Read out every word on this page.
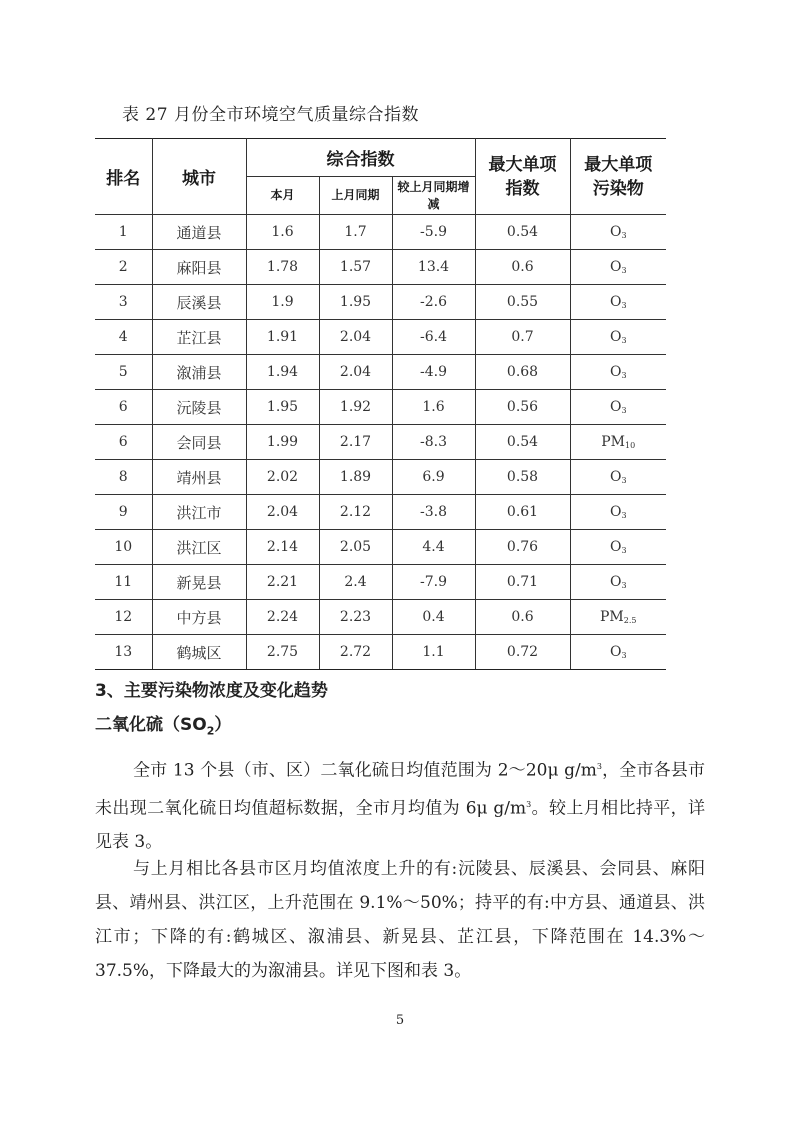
表 27 月份全市环境空气质量综合指数
排名	城市	综合指数			最大单项指数	最大单项污染物

		本月	上月同期	较上月同期增减		

1	通道县	1.6	1.7	-5.9	0.54	$O_3$
2	麻阳县	1.78	1.57	13.4	0.6	$O_3$
3	辰溪县	1.9	1.95	-2.6	0.55	$O_3$
4	芷江县	1.91	2.04	-6.4	0.7	$O_3$
5	溆浦县	1.94	2.04	-4.9	0.68	$O_3$
6	沅陵县	1.95	1.92	1.6	0.56	$O_3$
6	会同县	1.99	2.17	-8.3	0.54	$PM_{10}$
8	靖州县	2.02	1.89	6.9	0.58	$O_3$
9	洪江市	2.04	2.12	-3.8	0.61	$O_3$
10	洪江区	2.14	2.05	4.4	0.76	$O_3$
11	新晃县	2.21	2.4	-7.9	0.71	$O_3$
12	中方县	2.24	2.23	0.4	0.6	$PM_{2.5}$
13	鹤城区	2.75	2.72	1.1	0.72	$O_3$
3、主要污染物浓度及变化趋势
二氧化硫$(SO_2)$
全市 13 个县（市、区）二氧化硫日均值范围为 2～20μ $g/m^3$，全市各县市未出现二氧化硫日均值超标数据，全市月均值为 6μ $g/m^3$。较上月相比持平，详见表 3。
与上月相比各县市区月均值浓度上升的有:沅陵县、辰溪县、会同县、麻阳县、靖州县、洪江区，上升范围在 9.1%～50%；持平的有:中方县、通道县、洪江市；下降的有:鹤城区、溆浦县、新晃县、芷江县，下降范围在 14.3%～37.5%，下降最大的为溆浦县。详见下图和表 3。
5
